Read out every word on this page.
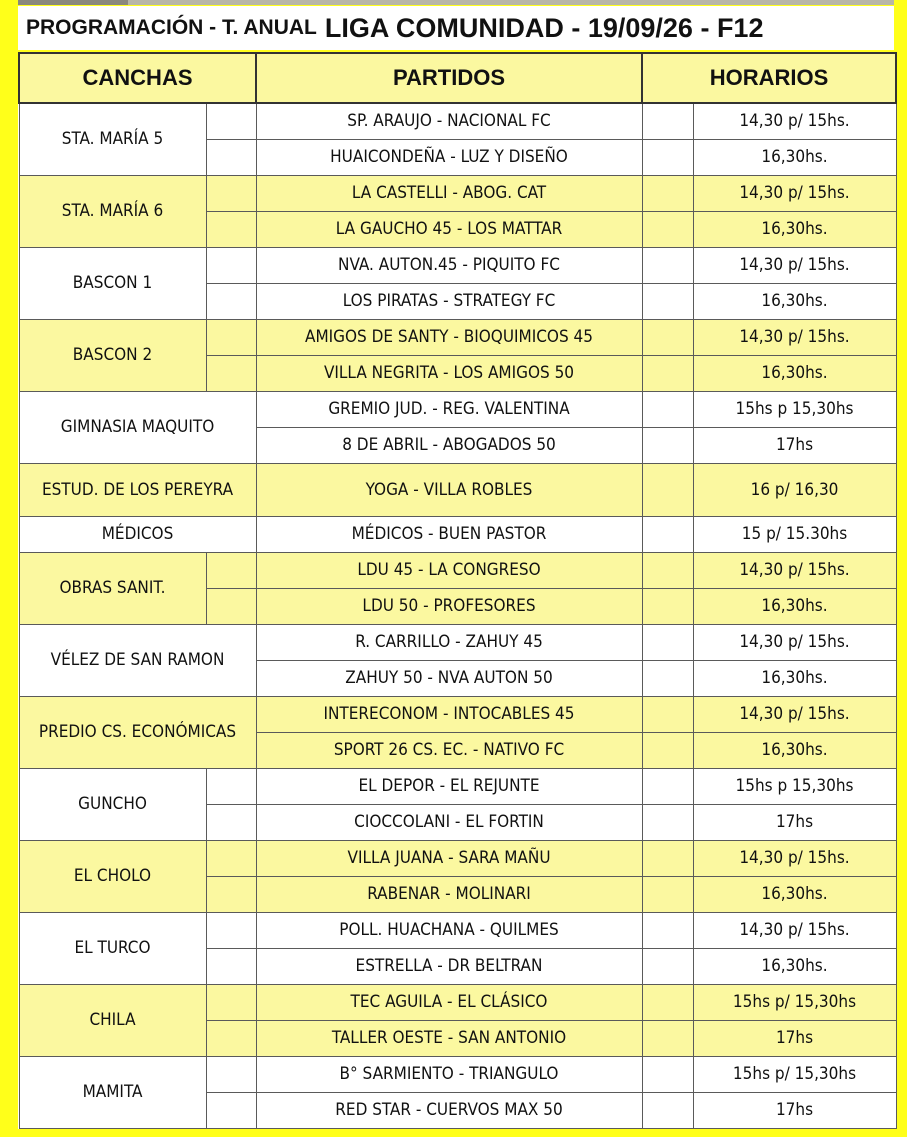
PROGRAMACIÓN - T. ANUAL LIGA COMUNIDAD - 19/09/26 - F12
CANCHAS		PARTIDOS	HORARIOS	
STA. MARÍA 5		SP. ARAUJO - NACIONAL FC		14,30 p/ 15hs.
		HUAICONDEÑA - LUZ Y DISEÑO		16,30hs.
STA. MARÍA 6		LA CASTELLI - ABOG. CAT		14,30 p/ 15hs.
		LA GAUCHO 45 - LOS MATTAR		16,30hs.
BASCON 1		NVA. AUTON.45 - PIQUITO FC		14,30 p/ 15hs.
		LOS PIRATAS - STRATEGY FC		16,30hs.
BASCON 2		AMIGOS DE SANTY - BIOQUIMICOS 45		14,30 p/ 15hs.
		VILLA NEGRITA - LOS AMIGOS 50		16,30hs.
GIMNASIA MAQUITO		GREMIO JUD. - REG. VALENTINA		15hs p 15,30hs
		8 DE ABRIL - ABOGADOS 50		17hs
ESTUD. DE LOS PEREYRA		YOGA - VILLA ROBLES		16 p/ 16,30
MÉDICOS		MÉDICOS - BUEN PASTOR		15 p/ 15.30hs
OBRAS SANIT.		LDU 45 - LA CONGRESO		14,30 p/ 15hs.
		LDU 50 - PROFESORES		16,30hs.
VÉLEZ DE SAN RAMON		R. CARRILLO - ZAHUY 45		14,30 p/ 15hs.
		ZAHUY 50 - NVA AUTON 50		16,30hs.
PREDIO CS. ECONÓMICAS		INTERECONOM - INTOCABLES 45		14,30 p/ 15hs.
		SPORT 26 CS. EC. - NATIVO FC		16,30hs.
GUNCHO		EL DEPOR - EL REJUNTE		15hs p 15,30hs
		CIOCCOLANI - EL FORTIN		17hs
EL CHOLO		VILLA JUANA - SARA MAÑU		14,30 p/ 15hs.
		RABENAR - MOLINARI		16,30hs.
EL TURCO		POLL. HUACHANA - QUILMES		14,30 p/ 15hs.
		ESTRELLA - DR BELTRAN		16,30hs.
CHILA		TEC AGUILA - EL CLÁSICO		15hs p/ 15,30hs
		TALLER OESTE - SAN ANTONIO		17hs
MAMITA		B° SARMIENTO - TRIANGULO		15hs p/ 15,30hs
		RED STAR - CUERVOS MAX 50		17hs
